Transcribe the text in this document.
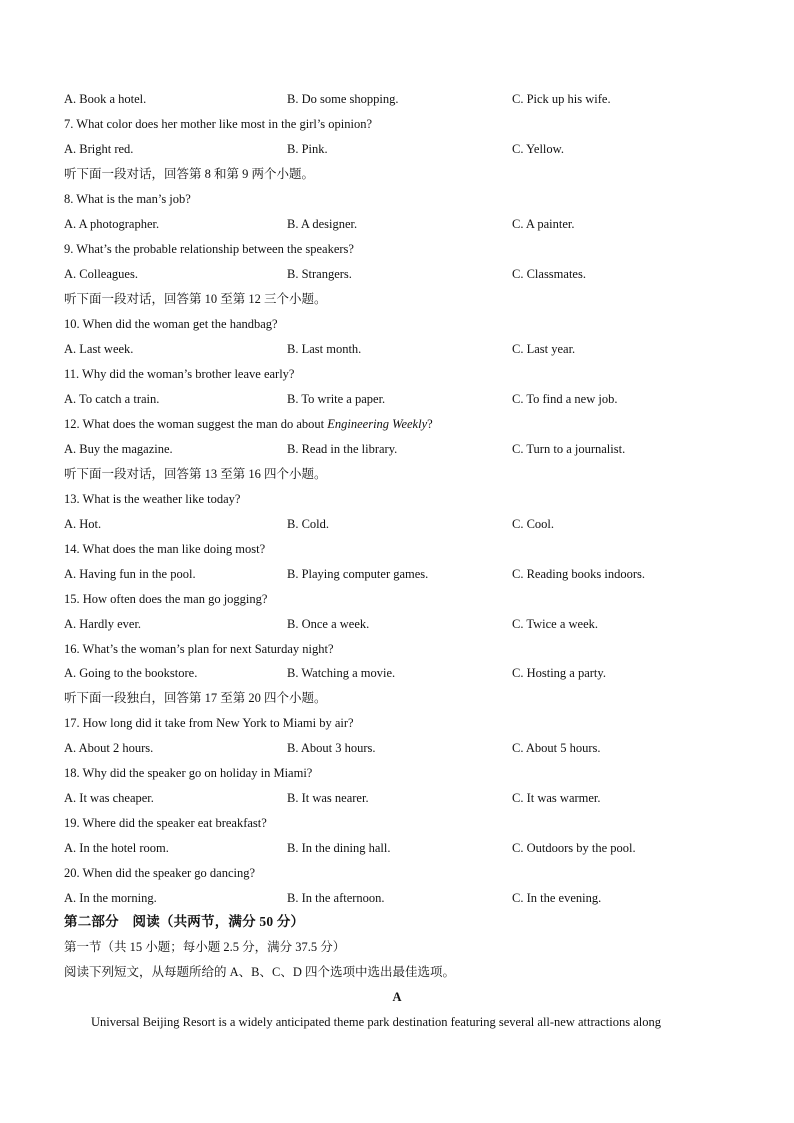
A. Book a hotel.	B. Do some shopping.	C. Pick up his wife.
7. What color does her mother like most in the girl’s opinion?
A. Bright red.	B. Pink.	C. Yellow.
听下面一段对话，回答第 8 和第 9 两个小题。
8. What is the man’s job?
A. A photographer.	B. A designer.	C. A painter.
9. What’s the probable relationship between the speakers?
A. Colleagues.	B. Strangers.	C. Classmates.
听下面一段对话，回答第 10 至第 12 三个小题。
10. When did the woman get the handbag?
A. Last week.	B. Last month.	C. Last year.
11. Why did the woman’s brother leave early?
A. To catch a train.	B. To write a paper.	C. To find a new job.
12. What does the woman suggest the man do about Engineering Weekly?
A. Buy the magazine.	B. Read in the library.	C. Turn to a journalist.
听下面一段对话，回答第 13 至第 16 四个小题。
13. What is the weather like today?
A. Hot.	B. Cold.	C. Cool.
14. What does the man like doing most?
A. Having fun in the pool.	B. Playing computer games.	C. Reading books indoors.
15. How often does the man go jogging?
A. Hardly ever.	B. Once a week.	C. Twice a week.
16. What’s the woman’s plan for next Saturday night?
A. Going to the bookstore.	B. Watching a movie.	C. Hosting a party.
听下面一段独白，回答第 17 至第 20 四个小题。
17. How long did it take from New York to Miami by air?
A. About 2 hours.	B. About 3 hours.	C. About 5 hours.
18. Why did the speaker go on holiday in Miami?
A. It was cheaper.	B. It was nearer.	C. It was warmer.
19. Where did the speaker eat breakfast?
A. In the hotel room.	B. In the dining hall.	C. Outdoors by the pool.
20. When did the speaker go dancing?
A. In the morning.	B. In the afternoon.	C. In the evening.
第二部分　阅读（共两节，满分 50 分）
第一节（共 15 小题；每小题 2.5 分，满分 37.5 分）
阅读下列短文，从每题所给的 A、B、C、D 四个选项中选出最佳选项。
A
Universal Beijing Resort is a widely anticipated theme park destination featuring several all-new attractions along
